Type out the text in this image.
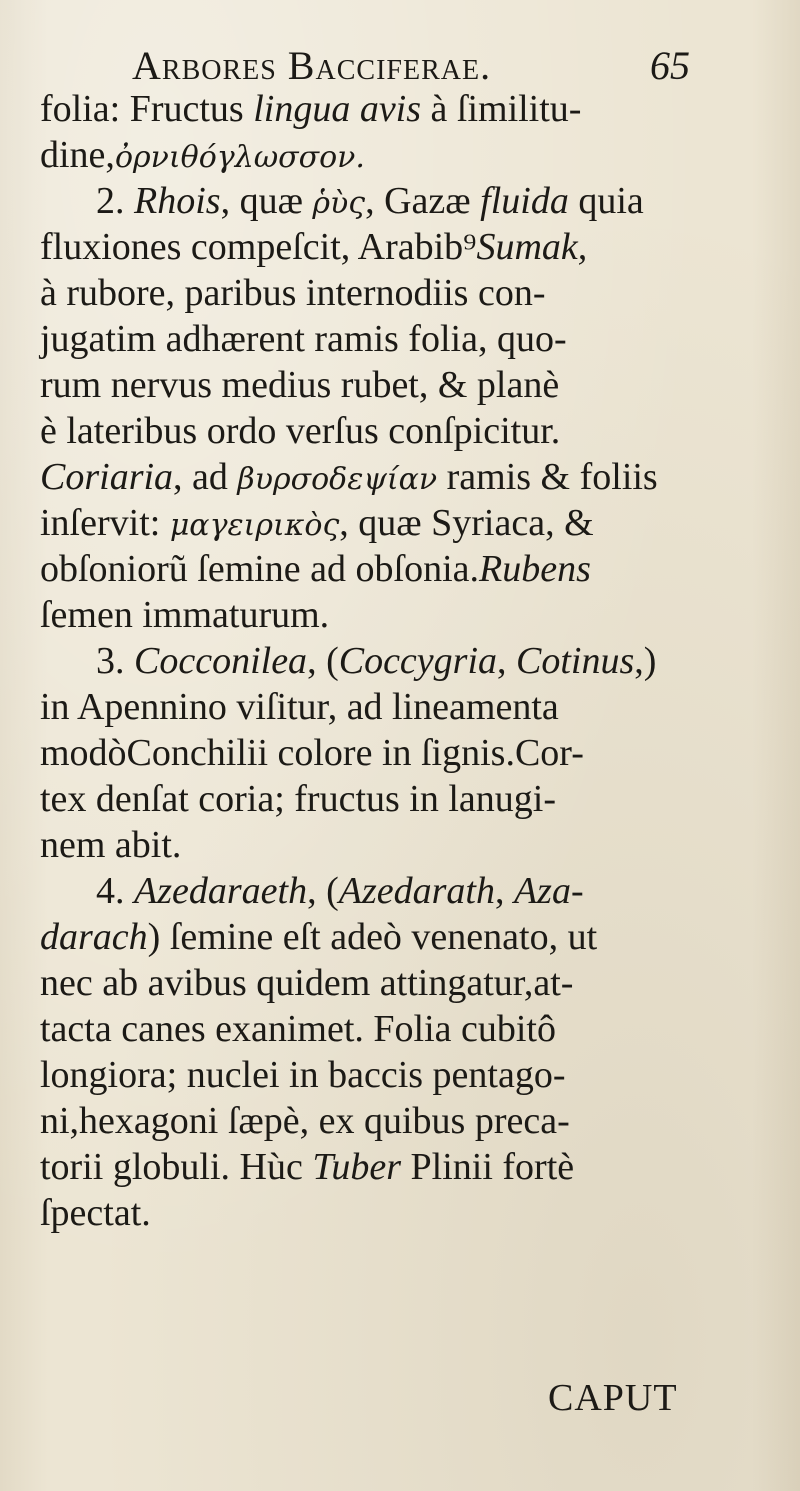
Arbores Bacciferae.	65
folia: Fructus lingua avis à ſimilitu-
dine,ὀρνιθόγλωσσον.
2. Rhois, quæ ῥὺς, Gazæ fluida quia
fluxiones compeſcit, Arabib⁹Sumak,
à rubore, paribus internodiis con-
jugatim adhærent ramis folia, quo-
rum nervus medius rubet, & planè
è lateribus ordo verſus conſpicitur.
Coriaria, ad βυρσοδεψίαν ramis & foliis
inſervit: μαγειρικὸς, quæ Syriaca, &
obſoniorũ ſemine ad obſonia.Rubens
ſemen immaturum.
3. Cocconilea, (Coccygria, Cotinus,)
in Apennino viſitur, ad lineamenta
modòConchilii colore in ſignis.Cor-
tex denſat coria; fructus in lanugi-
nem abit.
4. Azedaraeth, (Azedarath, Aza-
darach) ſemine eſt adeò venenato, ut
nec ab avibus quidem attingatur,at-
tacta canes exanimet. Folia cubitô
longiora; nuclei in baccis pentago-
ni,hexagoni ſæpè, ex quibus preca-
torii globuli. Hùc Tuber Plinii fortè
ſpectat.
CAPUT
